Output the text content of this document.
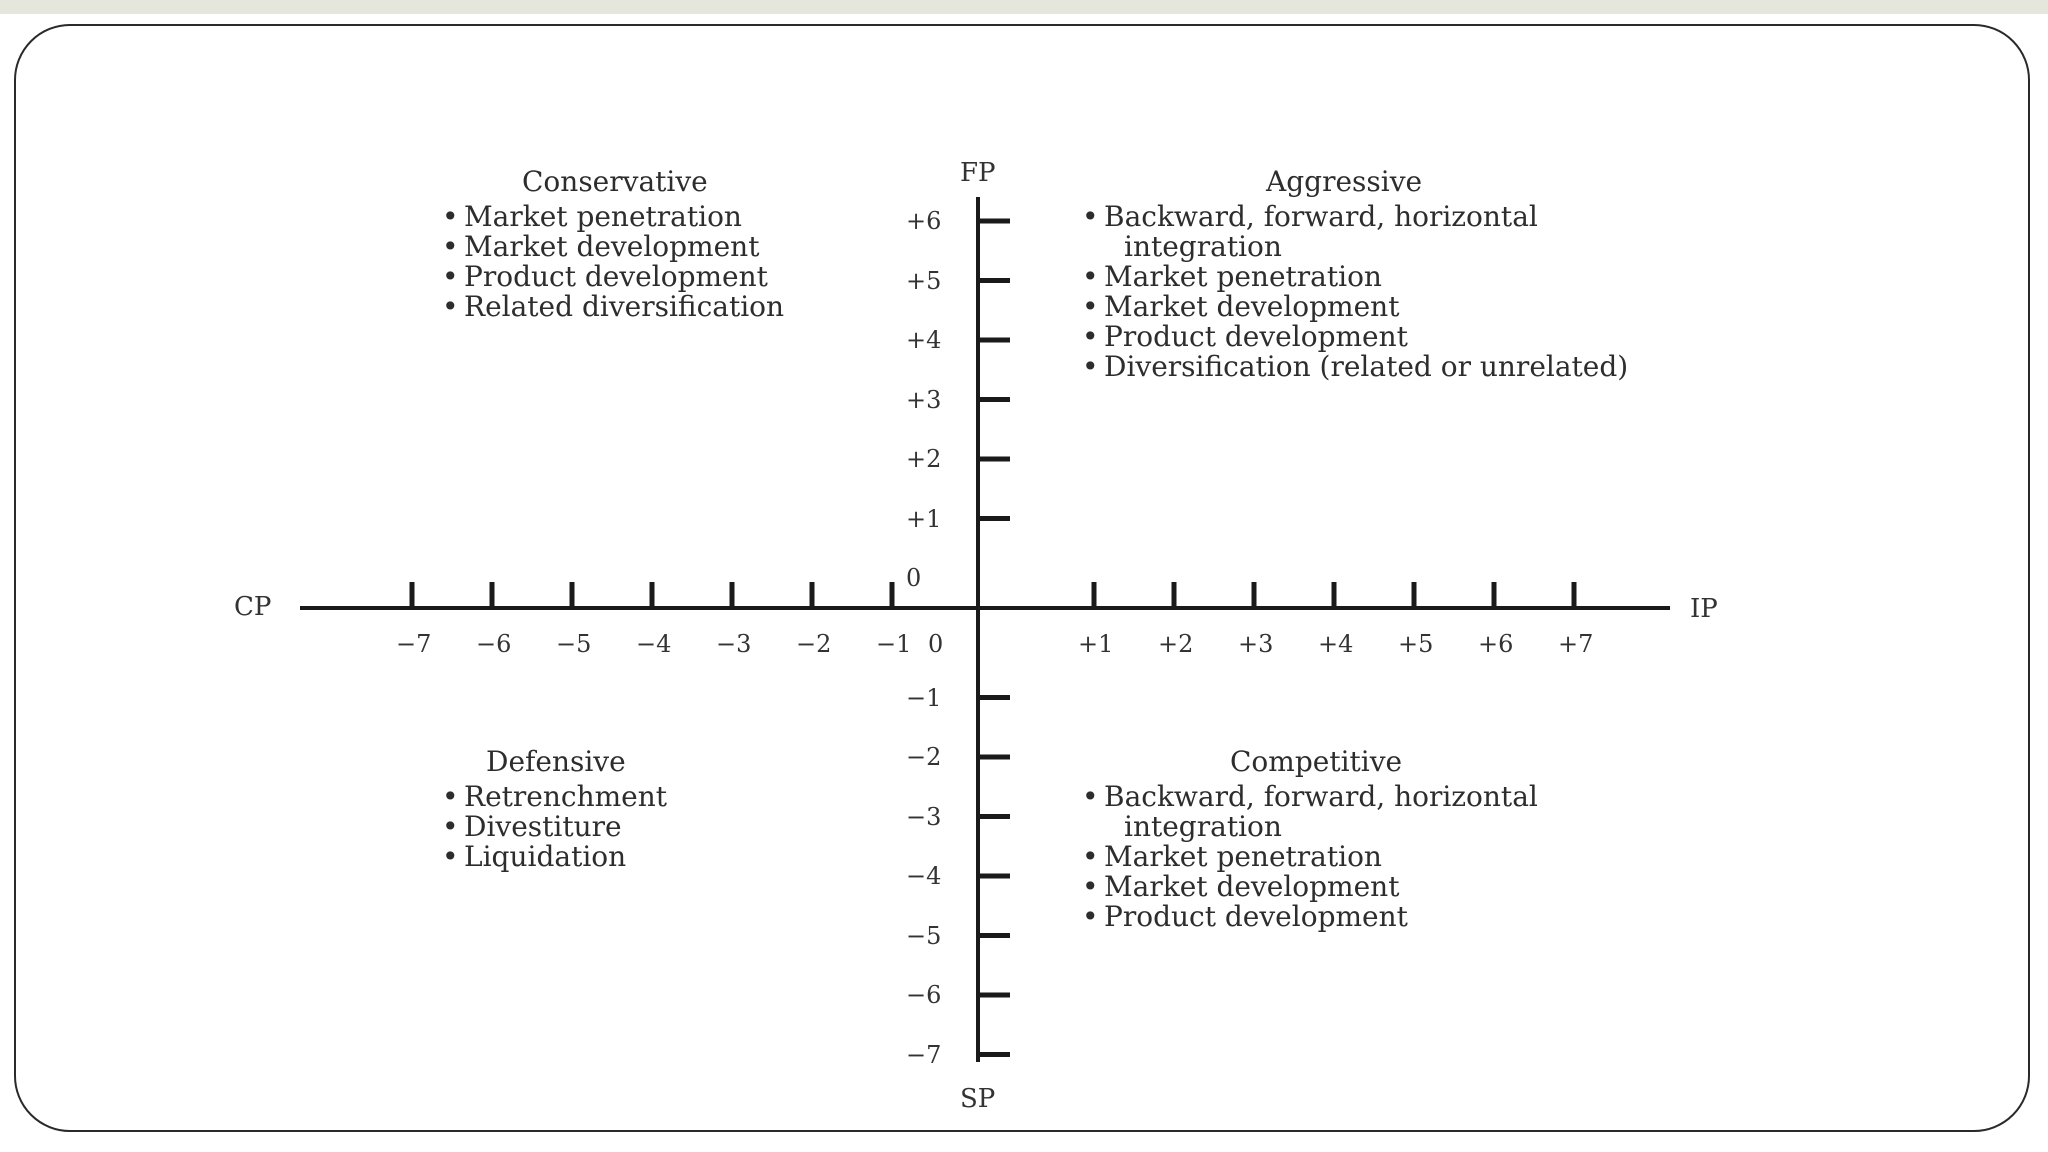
FP
SP
CP	IP
−7 −6 −5 −4 −3 −2 −1 0	+1 +2 +3 +4 +5 +6 +7
+6
+5
+4
+3
+2
+1
0
−1
−2
−3
−4
−5
−6
−7
Conservative
• Market penetration
• Market development
• Product development
• Related diversification
Aggressive
• Backward, forward, horizontal
integration
• Market penetration
• Market development
• Product development
• Diversification (related or unrelated)
Defensive
• Retrenchment
• Divestiture
• Liquidation
Competitive
• Backward, forward, horizontal
integration
• Market penetration
• Market development
• Product development
